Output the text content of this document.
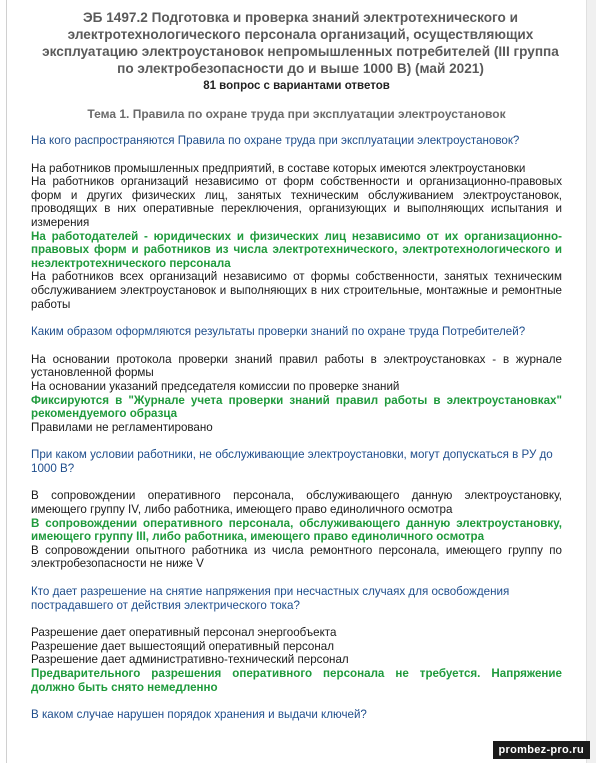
ЭБ 1497.2 Подготовка и проверка знаний электротехнического и электротехнологического персонала организаций, осуществляющих эксплуатацию электроустановок непромышленных потребителей (III группа по электробезопасности до и выше 1000 В) (май 2021)
81 вопрос с вариантами ответов
Тема 1. Правила по охране труда при эксплуатации электроустановок
На кого распространяются Правила по охране труда при эксплуатации электроустановок?
На работников промышленных предприятий, в составе которых имеются электроустановки
На работников организаций независимо от форм собственности и организационно-правовых форм и других физических лиц, занятых техническим обслуживанием электроустановок, проводящих в них оперативные переключения, организующих и выполняющих испытания и измерения
На работодателей - юридических и физических лиц независимо от их организационно-правовых форм и работников из числа электротехнического, электротехнологического и неэлектротехнического персонала
На работников всех организаций независимо от формы собственности, занятых техническим обслуживанием электроустановок и выполняющих в них строительные, монтажные и ремонтные работы
Каким образом оформляются результаты проверки знаний по охране труда Потребителей?
На основании протокола проверки знаний правил работы в электроустановках - в журнале установленной формы
На основании указаний председателя комиссии по проверке знаний
Фиксируются в "Журнале учета проверки знаний правил работы в электроустановках" рекомендуемого образца
Правилами не регламентировано
При каком условии работники, не обслуживающие электроустановки, могут допускаться в РУ до 1000 В?
В сопровождении оперативного персонала, обслуживающего данную электроустановку, имеющего группу IV, либо работника, имеющего право единоличного осмотра
В сопровождении оперативного персонала, обслуживающего данную электроустановку, имеющего группу III, либо работника, имеющего право единоличного осмотра
В сопровождении опытного работника из числа ремонтного персонала, имеющего группу по электробезопасности не ниже V
Кто дает разрешение на снятие напряжения при несчастных случаях для освобождения пострадавшего от действия электрического тока?
Разрешение дает оперативный персонал энергообъекта
Разрешение дает вышестоящий оперативный персонал
Разрешение дает административно-технический персонал
Предварительного разрешения оперативного персонала не требуется. Напряжение должно быть снято немедленно
В каком случае нарушен порядок хранения и выдачи ключей?
prombez-pro.ru
